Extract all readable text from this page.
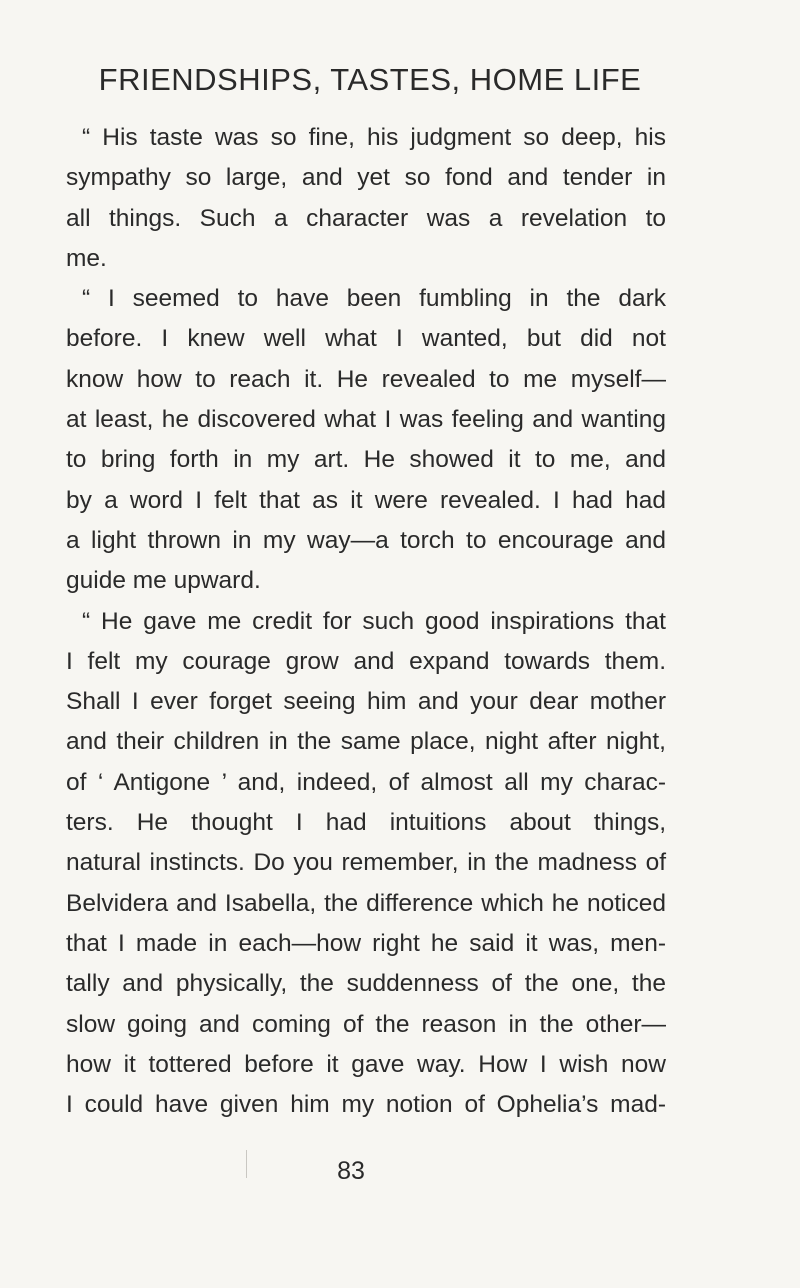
FRIENDSHIPS, TASTES, HOME LIFE
“ His taste was so fine, his judgment so deep, his
sympathy so large, and yet so fond and tender in
all things. Such a character was a revelation to
me.
“ I seemed to have been fumbling in the dark
before. I knew well what I wanted, but did not
know how to reach it. He revealed to me myself—
at least, he discovered what I was feeling and wanting
to bring forth in my art. He showed it to me, and
by a word I felt that as it were revealed. I had had
a light thrown in my way—a torch to encourage and
guide me upward.
“ He gave me credit for such good inspirations that
I felt my courage grow and expand towards them.
Shall I ever forget seeing him and your dear mother
and their children in the same place, night after night,
of ‘ Antigone ’ and, indeed, of almost all my charac-
ters. He thought I had intuitions about things,
natural instincts. Do you remember, in the madness of
Belvidera and Isabella, the difference which he noticed
that I made in each—how right he said it was, men-
tally and physically, the suddenness of the one, the
slow going and coming of the reason in the other—
how it tottered before it gave way. How I wish now
I could have given him my notion of Ophelia’s mad-
83
